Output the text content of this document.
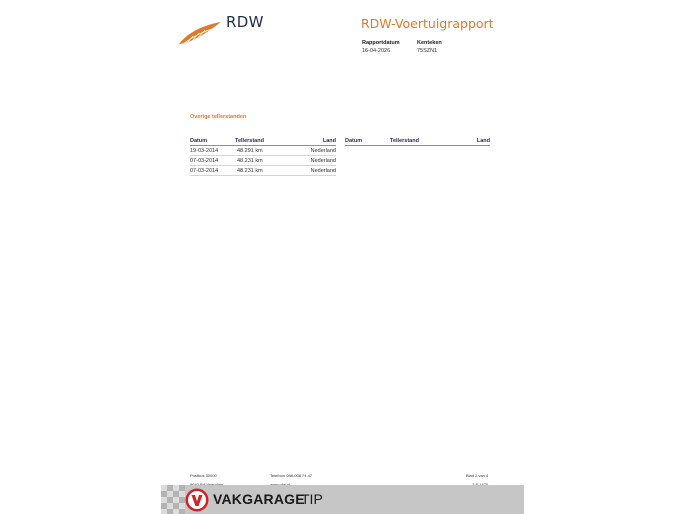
RDW	RDW-Voertuigrapport
Rapportdatum
16-04-2026
Kenteken
75SZN1
Overige tellerstanden
Datum	Tellerstand	Land
19-03-2014	48.291 km	Nederland
07-03-2014	48.231 km	Nederland
07-03-2014	48.231 km	Nederland
Datum	Tellerstand	Land
Postbus 30000	Telefoon 088-008 74 47	Blad 2 van 4
VAKGARAGE
TIP
